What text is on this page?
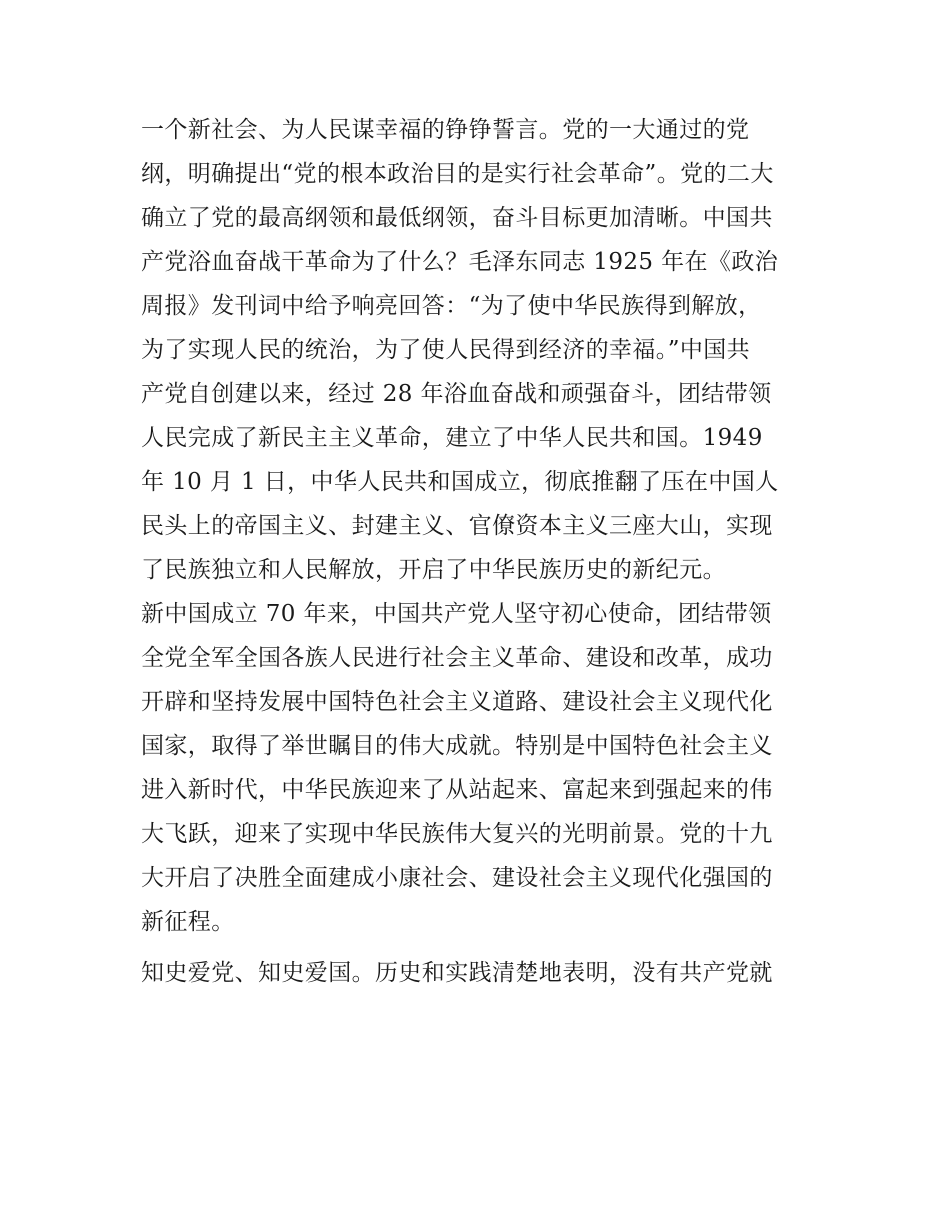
一个新社会、为人民谋幸福的铮铮誓言。党的一大通过的党
纲，明确提出“党的根本政治目的是实行社会革命”。党的二大
确立了党的最高纲领和最低纲领，奋斗目标更加清晰。中国共
产党浴血奋战干革命为了什么？毛泽东同志 1925 年在《政治
周报》发刊词中给予响亮回答：“为了使中华民族得到解放，
为了实现人民的统治，为了使人民得到经济的幸福。”中国共
产党自创建以来，经过 28 年浴血奋战和顽强奋斗，团结带领
人民完成了新民主主义革命，建立了中华人民共和国。1949
年 10 月 1 日，中华人民共和国成立，彻底推翻了压在中国人
民头上的帝国主义、封建主义、官僚资本主义三座大山，实现
了民族独立和人民解放，开启了中华民族历史的新纪元。
新中国成立 70 年来，中国共产党人坚守初心使命，团结带领
全党全军全国各族人民进行社会主义革命、建设和改革，成功
开辟和坚持发展中国特色社会主义道路、建设社会主义现代化
国家，取得了举世瞩目的伟大成就。特别是中国特色社会主义
进入新时代，中华民族迎来了从站起来、富起来到强起来的伟
大飞跃，迎来了实现中华民族伟大复兴的光明前景。党的十九
大开启了决胜全面建成小康社会、建设社会主义现代化强国的
新征程。
知史爱党、知史爱国。历史和实践清楚地表明，没有共产党就
